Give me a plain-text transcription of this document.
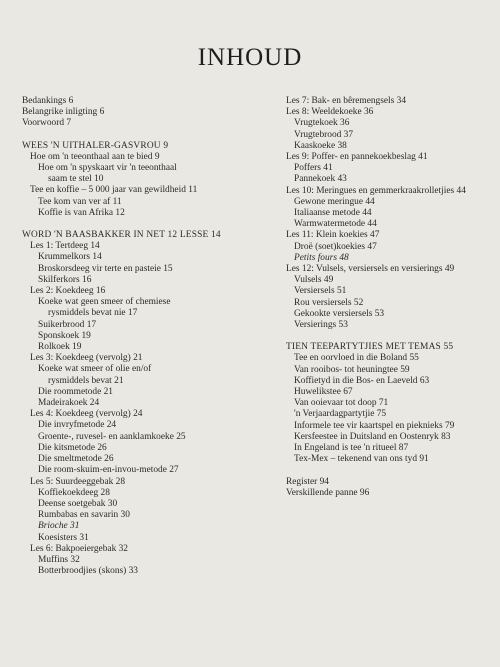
INHOUD
Bedankings 6
Belangrike inligting 6
Voorwoord 7
WEES 'N UITHALER-GASVROU 9
Hoe om 'n teeonthaal aan te bied 9
Hoe om 'n spyskaart vir 'n teeonthaal
saam te stel 10
Tee en koffie – 5 000 jaar van gewildheid 11
Tee kom van ver af 11
Koffie is van Afrika 12
WORD 'N BAASBAKKER IN NET 12 LESSE 14
Les 1: Tertdeeg 14
Krummelkors 14
Broskorsdeeg vir terte en pasteie 15
Skilferkors 16
Les 2: Koekdeeg 16
Koeke wat geen smeer of chemiese
rysmiddels bevat nie 17
Suikerbrood 17
Sponskoek 19
Rolkoek 19
Les 3: Koekdeeg (vervolg) 21
Koeke wat smeer of olie en/of
rysmiddels bevat 21
Die roommetode 21
Madeirakoek 24
Les 4: Koekdeeg (vervolg) 24
Die invryfmetode 24
Groente-, ruvesel- en aanklamkoeke 25
Die kitsmetode 26
Die smeltmetode 26
Die room-skuim-en-invou-metode 27
Les 5: Suurdeeggebak 28
Koffiekoekdeeg 28
Deense soetgebak 30
Rumbabas en savarin 30
Brioche 31
Koesisters 31
Les 6: Bakpoeiergebak 32
Muffins 32
Botterbroodjies (skons) 33
Les 7: Bak- en bêremengsels 34
Les 8: Weeldekoeke 36
Vrugtekoek 36
Vrugtebrood 37
Kaaskoeke 38
Les 9: Poffer- en pannekoekbeslag 41
Poffers 41
Pannekoek 43
Les 10: Meringues en gemmerkraakrolletjies 44
Gewone meringue 44
Italiaanse metode 44
Warmwatermetode 44
Les 11: Klein koekies 47
Droë (soet)koekies 47
Petits fours 48
Les 12: Vulsels, versiersels en versierings 49
Vulsels 49
Versiersels 51
Rou versiersels 52
Gekookte versiersels 53
Versierings 53
TIEN TEEPARTYTJIES MET TEMAS 55
Tee en oorvloed in die Boland 55
Van rooibos- tot heuningtee 59
Koffietyd in die Bos- en Laeveld 63
Huwelikstee 67
Van ooievaar tot doop 71
'n Verjaardagpartytjie 75
Informele tee vir kaartspel en pieknieks 79
Kersfeestee in Duitsland en Oostenryk 83
In Engeland is tee 'n ritueel 87
Tex-Mex – tekenend van ons tyd 91
Register 94
Verskillende panne 96
